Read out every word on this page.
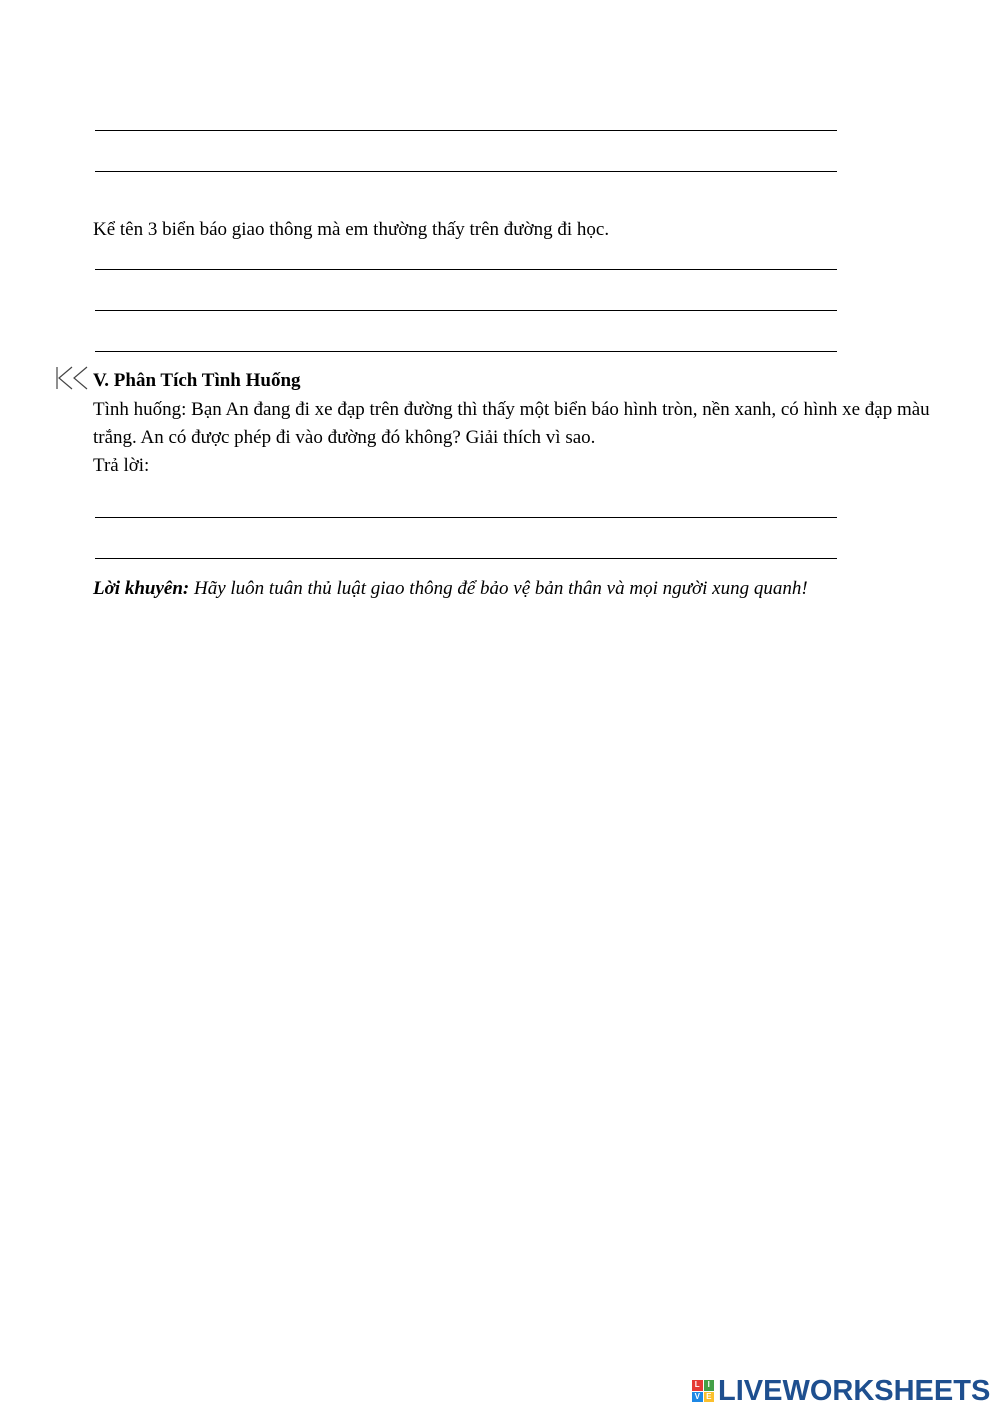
Kể tên 3 biển báo giao thông mà em thường thấy trên đường đi học.
V. Phân Tích Tình Huống
Tình huống: Bạn An đang đi xe đạp trên đường thì thấy một biển báo hình tròn, nền xanh, có hình xe đạp màu trắng. An có được phép đi vào đường đó không? Giải thích vì sao.
Trả lời:
Lời khuyên: Hãy luôn tuân thủ luật giao thông để bảo vệ bản thân và mọi người xung quanh!
L I
V E LIVEWORKSHEETS
